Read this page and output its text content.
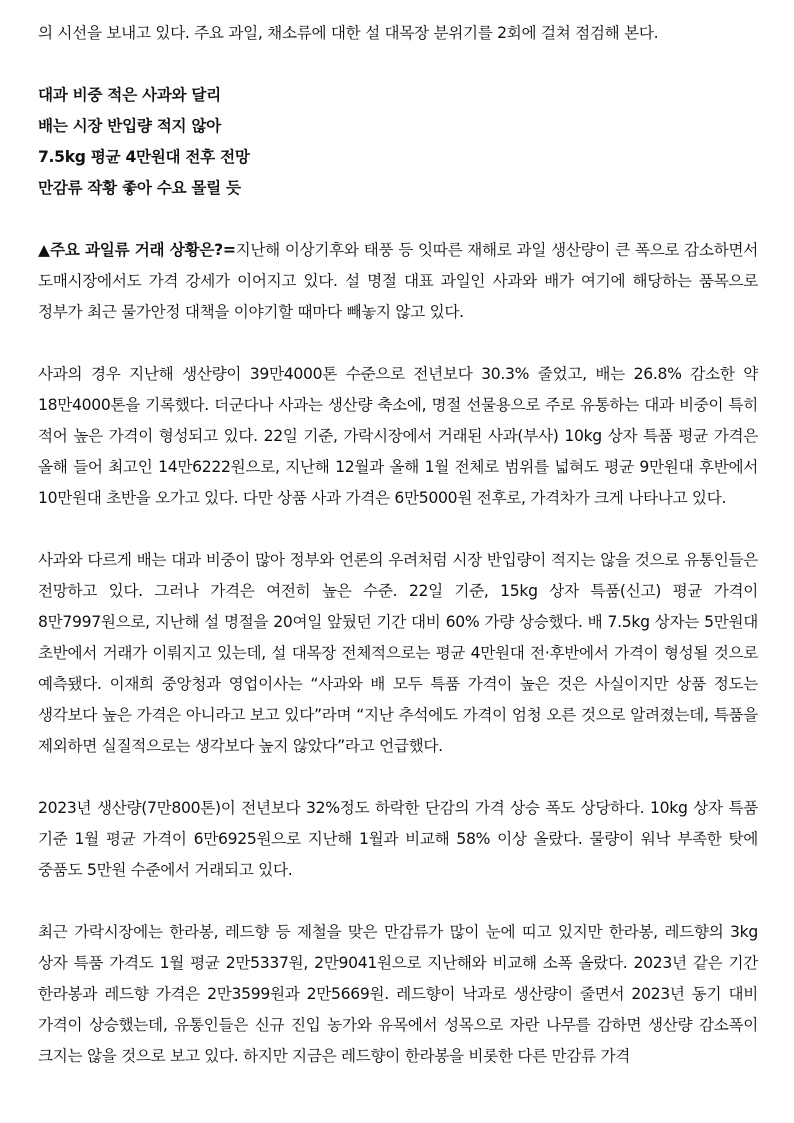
의 시선을 보내고 있다. 주요 과일, 채소류에 대한 설 대목장 분위기를 2회에 걸쳐 점검해 본다.

대과 비중 적은 사과와 달리

배는 시장 반입량 적지 않아

7.5kg 평균 4만원대 전후 전망

만감류 작황 좋아 수요 몰릴 듯

▲주요 과일류 거래 상황은?=지난해 이상기후와 태풍 등 잇따른 재해로 과일 생산량이 큰 폭으로 감소하면서 도매시장에서도 가격 강세가 이어지고 있다. 설 명절 대표 과일인 사과와 배가 여기에 해당하는 품목으로 정부가 최근 물가안정 대책을 이야기할 때마다 빼놓지 않고 있다.

사과의 경우 지난해 생산량이 39만4000톤 수준으로 전년보다 30.3% 줄었고, 배는 26.8% 감소한 약 18만4000톤을 기록했다. 더군다나 사과는 생산량 축소에, 명절 선물용으로 주로 유통하는 대과 비중이 특히 적어 높은 가격이 형성되고 있다. 22일 기준, 가락시장에서 거래된 사과(부사) 10kg 상자 특품 평균 가격은 올해 들어 최고인 14만6222원으로, 지난해 12월과 올해 1월 전체로 범위를 넓혀도 평균 9만원대 후반에서 10만원대 초반을 오가고 있다. 다만 상품 사과 가격은 6만5000원 전후로, 가격차가 크게 나타나고 있다.

사과와 다르게 배는 대과 비중이 많아 정부와 언론의 우려처럼 시장 반입량이 적지는 않을 것으로 유통인들은 전망하고 있다. 그러나 가격은 여전히 높은 수준. 22일 기준, 15kg 상자 특품(신고) 평균 가격이 8만7997원으로, 지난해 설 명절을 20여일 앞뒀던 기간 대비 60% 가량 상승했다. 배 7.5kg 상자는 5만원대 초반에서 거래가 이뤄지고 있는데, 설 대목장 전체적으로는 평균 4만원대 전·후반에서 가격이 형성될 것으로 예측됐다. 이재희 중앙청과 영업이사는 “사과와 배 모두 특품 가격이 높은 것은 사실이지만 상품 정도는 생각보다 높은 가격은 아니라고 보고 있다”라며 “지난 추석에도 가격이 엄청 오른 것으로 알려졌는데, 특품을 제외하면 실질적으로는 생각보다 높지 않았다”라고 언급했다.

2023년 생산량(7만800톤)이 전년보다 32%정도 하락한 단감의 가격 상승 폭도 상당하다. 10kg 상자 특품 기준 1월 평균 가격이 6만6925원으로 지난해 1월과 비교해 58% 이상 올랐다. 물량이 워낙 부족한 탓에 중품도 5만원 수준에서 거래되고 있다.

최근 가락시장에는 한라봉, 레드향 등 제철을 맞은 만감류가 많이 눈에 띠고 있지만 한라봉, 레드향의 3kg 상자 특품 가격도 1월 평균 2만5337원, 2만9041원으로 지난해와 비교해 소폭 올랐다. 2023년 같은 기간 한라봉과 레드향 가격은 2만3599원과 2만5669원. 레드향이 낙과로 생산량이 줄면서 2023년 동기 대비 가격이 상승했는데, 유통인들은 신규 진입 농가와 유목에서 성목으로 자란 나무를 감하면 생산량 감소폭이 크지는 않을 것으로 보고 있다. 하지만 지금은 레드향이 한라봉을 비롯한 다른 만감류 가격
